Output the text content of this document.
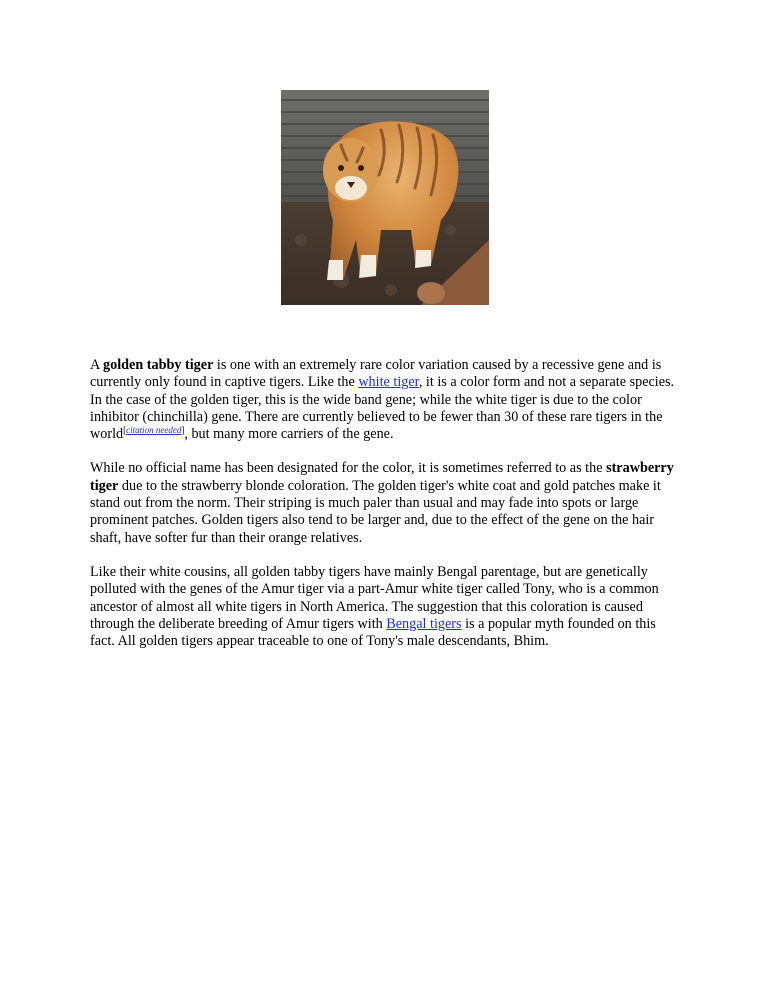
A golden tabby tiger is one with an extremely rare color variation caused by a recessive gene and is currently only found in captive tigers. Like the white tiger, it is a color form and not a separate species. In the case of the golden tiger, this is the wide band gene; while the white tiger is due to the color inhibitor (chinchilla) gene. There are currently believed to be fewer than 30 of these rare tigers in the world[citation needed], but many more carriers of the gene.

While no official name has been designated for the color, it is sometimes referred to as the strawberry tiger due to the strawberry blonde coloration. The golden tiger's white coat and gold patches make it stand out from the norm. Their striping is much paler than usual and may fade into spots or large prominent patches. Golden tigers also tend to be larger and, due to the effect of the gene on the hair shaft, have softer fur than their orange relatives.

Like their white cousins, all golden tabby tigers have mainly Bengal parentage, but are genetically polluted with the genes of the Amur tiger via a part-Amur white tiger called Tony, who is a common ancestor of almost all white tigers in North America. The suggestion that this coloration is caused through the deliberate breeding of Amur tigers with Bengal tigers is a popular myth founded on this fact. All golden tigers appear traceable to one of Tony's male descendants, Bhim.
